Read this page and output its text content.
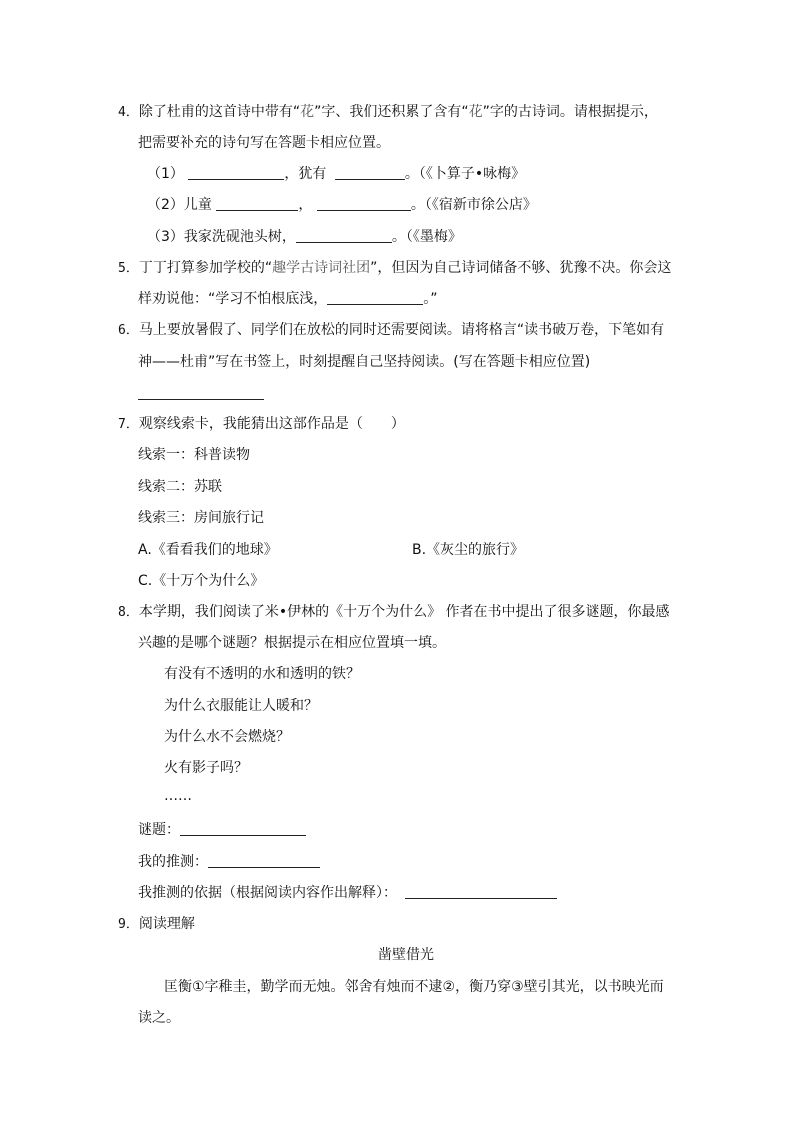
4．除了杜甫的这首诗中带有“花”字、我们还积累了含有“花”字的古诗词。请根据提示，
把需要补充的诗句写在答题卡相应位置。
（1）	，犹有	。（《卜算子•咏梅》
（2）儿童	，	。（《宿新市徐公店》
（3）我家洗砚池头树，	。（《墨梅》
5．丁丁打算参加学校的“趣学古诗词社团”，但因为自己诗词储备不够、犹豫不决。你会这
样劝说他：“学习不怕根底浅，	。”
6．马上要放暑假了、同学们在放松的同时还需要阅读。请将格言“读书破万卷，下笔如有
神——杜甫”写在书签上，时刻提醒自己坚持阅读。(写在答题卡相应位置)
7．观察线索卡，我能猜出这部作品是（　　）
线索一：科普读物
线索二：苏联
线索三：房间旅行记
A.《看看我们的地球》	B.《灰尘的旅行》
C.《十万个为什么》
8．本学期，我们阅读了米•伊林的《十万个为什么》 作者在书中提出了很多谜题，你最感
兴趣的是哪个谜题？根据提示在相应位置填一填。
有没有不透明的水和透明的铁？
为什么衣服能让人暖和？
为什么水不会燃烧？
火有影子吗？
……
谜题：
我的推测：
我推测的依据（根据阅读内容作出解释）：
9．阅读理解
凿壁借光
匡衡①字稚圭，勤学而无烛。邻舍有烛而不逮②，衡乃穿③壁引其光，以书映光而
读之。
